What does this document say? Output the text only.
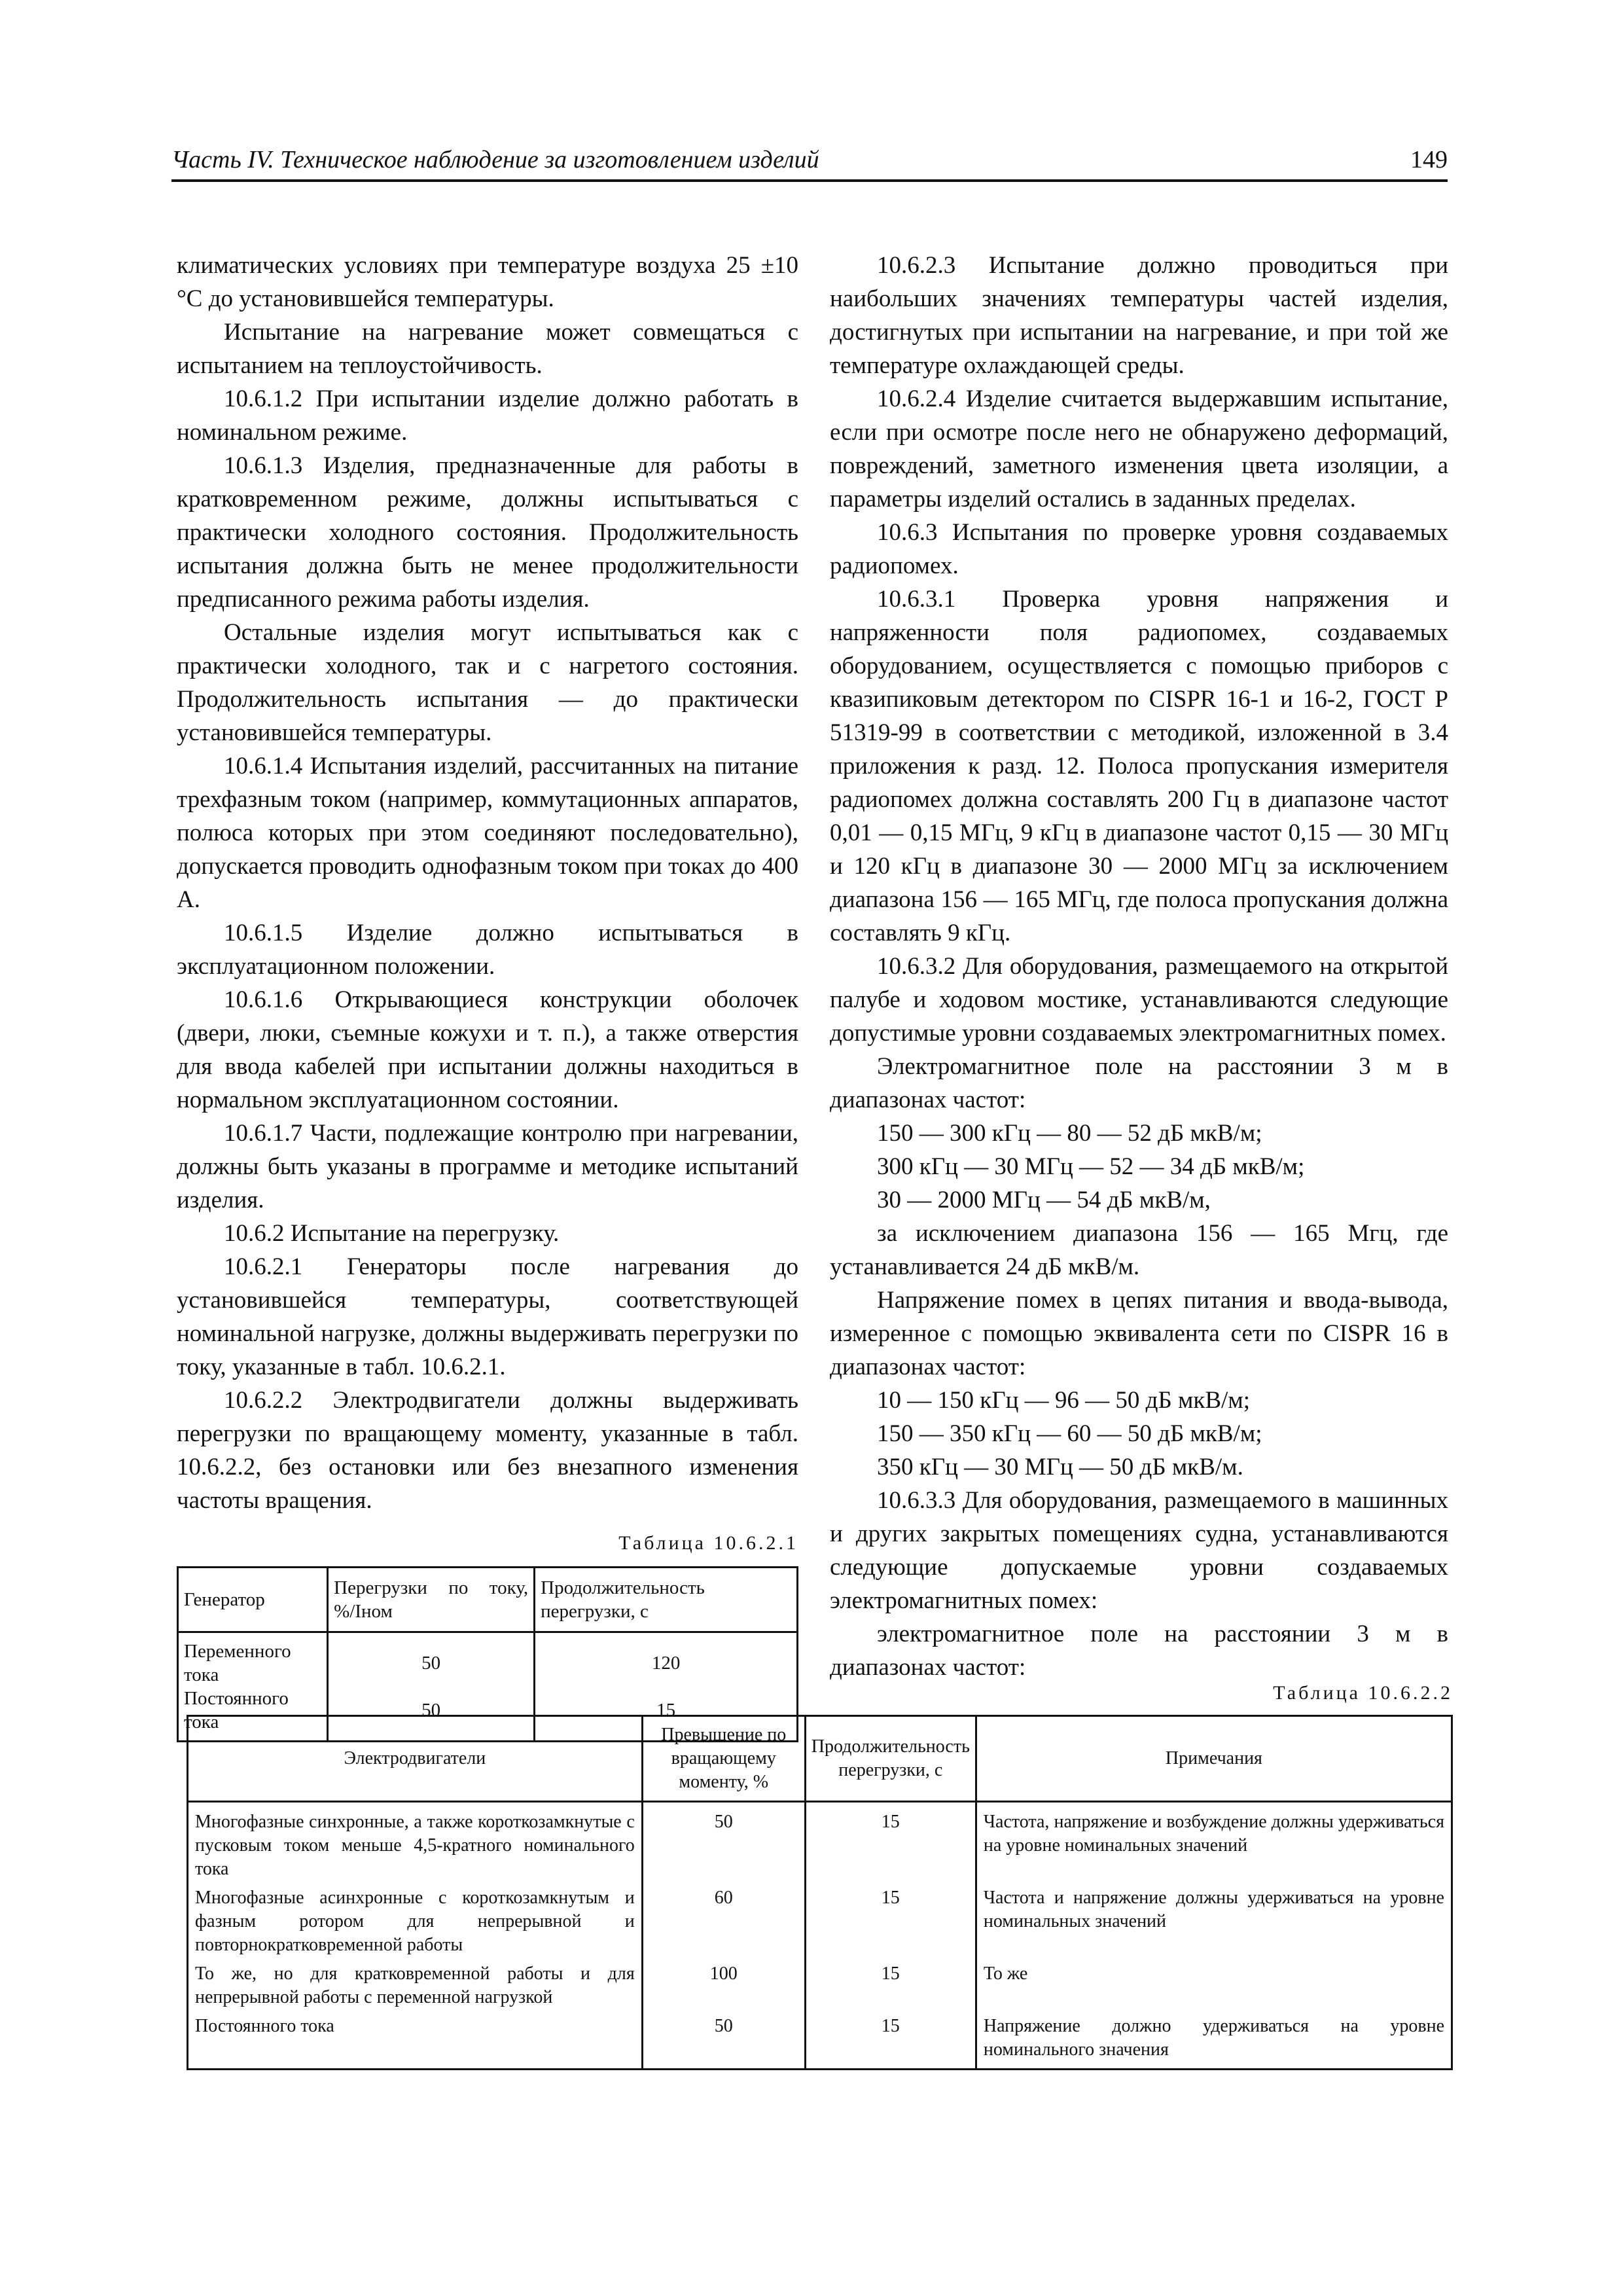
Часть IV. Техническое наблюдение за изготовлением изделий	149

климатических условиях при температуре воздуха 25 ±10 °С до установившейся температуры.

Испытание на нагревание может совмещаться с испытанием на теплоустойчивость.

10.6.1.2 При испытании изделие должно работать в номинальном режиме.

10.6.1.3 Изделия, предназначенные для работы в кратковременном режиме, должны испытываться с практически холодного состояния. Продолжительность испытания должна быть не менее продолжительности предписанного режима работы изделия.

Остальные изделия могут испытываться как с практически холодного, так и с нагретого состояния. Продолжительность испытания — до практически установившейся температуры.

10.6.1.4 Испытания изделий, рассчитанных на питание трехфазным током (например, коммутационных аппаратов, полюса которых при этом соединяют последовательно), допускается проводить однофазным током при токах до 400 А.

10.6.1.5 Изделие должно испытываться в эксплуатационном положении.

10.6.1.6 Открывающиеся конструкции оболочек (двери, люки, съемные кожухи и т. п.), а также отверстия для ввода кабелей при испытании должны находиться в нормальном эксплуатационном состоянии.

10.6.1.7 Части, подлежащие контролю при нагревании, должны быть указаны в программе и методике испытаний изделия.

10.6.2 Испытание на перегрузку.

10.6.2.1 Генераторы после нагревания до установившейся температуры, соответствующей номинальной нагрузке, должны выдерживать перегрузки по току, указанные в табл. 10.6.2.1.

10.6.2.2 Электродвигатели должны выдерживать перегрузки по вращающему моменту, указанные в табл. 10.6.2.2, без остановки или без внезапного изменения частоты вращения.

Таблица 10.6.2.1
Генератор	Перегрузки по току, %/Iном	Продолжительность перегрузки, с
Переменного тока	50	120
Постоянного тока	50	15

10.6.2.3 Испытание должно проводиться при наибольших значениях температуры частей изделия, достигнутых при испытании на нагревание, и при той же температуре охлаждающей среды.

10.6.2.4 Изделие считается выдержавшим испытание, если при осмотре после него не обнаружено деформаций, повреждений, заметного изменения цвета изоляции, а параметры изделий остались в заданных пределах.

10.6.3 Испытания по проверке уровня создаваемых радиопомех.

10.6.3.1 Проверка уровня напряжения и напряженности поля радиопомех, создаваемых оборудованием, осуществляется с помощью приборов с квазипиковым детектором по CISPR 16-1 и 16-2, ГОСТ Р 51319-99 в соответствии с методикой, изложенной в 3.4 приложения к разд. 12. Полоса пропускания измерителя радиопомех должна составлять 200 Гц в диапазоне частот 0,01 — 0,15 МГц, 9 кГц в диапазоне частот 0,15 — 30 МГц и 120 кГц в диапазоне 30 — 2000 МГц за исключением диапазона 156 — 165 МГц, где полоса пропускания должна составлять 9 кГц.

10.6.3.2 Для оборудования, размещаемого на открытой палубе и ходовом мостике, устанавливаются следующие допустимые уровни создаваемых электромагнитных помех.

Электромагнитное поле на расстоянии 3 м в диапазонах частот:

150 — 300 кГц — 80 — 52 дБ мкВ/м;

300 кГц — 30 МГц — 52 — 34 дБ мкВ/м;

30 — 2000 МГц — 54 дБ мкВ/м,

за исключением диапазона 156 — 165 Мгц, где устанавливается 24 дБ мкВ/м.

Напряжение помех в цепях питания и ввода-вывода, измеренное с помощью эквивалента сети по CISPR 16 в диапазонах частот:

10 — 150 кГц — 96 — 50 дБ мкВ/м;

150 — 350 кГц — 60 — 50 дБ мкВ/м;

350 кГц — 30 МГц — 50 дБ мкВ/м.

10.6.3.3 Для оборудования, размещаемого в машинных и других закрытых помещениях судна, устанавливаются следующие допускаемые уровни создаваемых электромагнитных помех:

электромагнитное поле на расстоянии 3 м в диапазонах частот:

Таблица 10.6.2.2
Электродвигатели	Превышение по вращающему моменту, %	Продолжительность перегрузки, с	Примечания
Многофазные синхронные, а также короткозамкнутые с пусковым током меньше 4,5-кратного номинального тока	50	15	Частота, напряжение и возбуждение должны удерживаться на уровне номинальных значений
Многофазные асинхронные с короткозамкнутым и фазным ротором для непрерывной и повторнократковременной работы	60	15	Частота и напряжение должны удерживаться на уровне номинальных значений
То же, но для кратковременной работы и для непрерывной работы с переменной нагрузкой	100	15	То же
Постоянного тока	50	15	Напряжение должно удерживаться на уровне номинального значения
